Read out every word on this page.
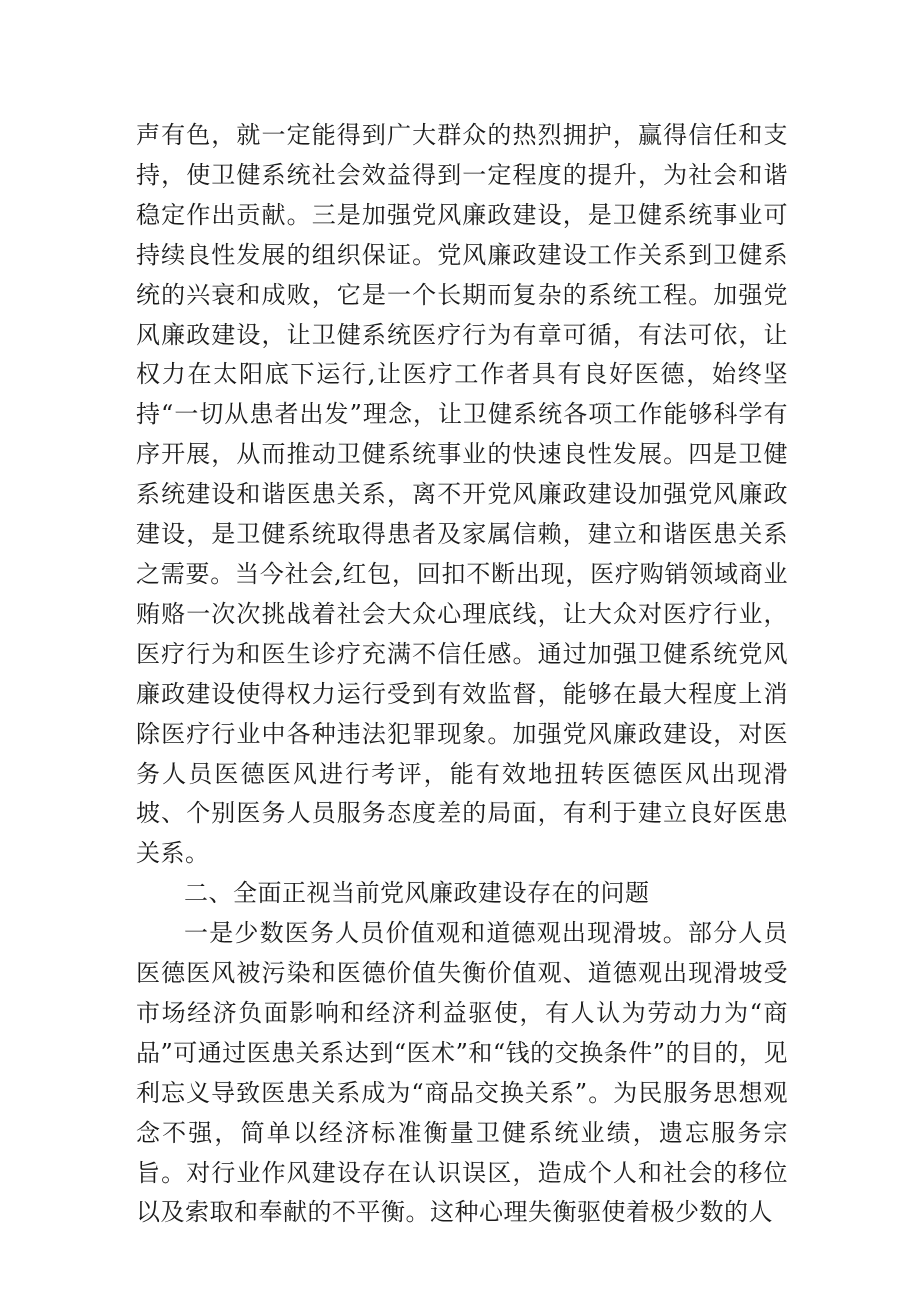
声有色，就一定能得到广大群众的热烈拥护，赢得信任和支持，使卫健系统社会效益得到一定程度的提升，为社会和谐稳定作出贡献。三是加强党风廉政建设，是卫健系统事业可持续良性发展的组织保证。党风廉政建设工作关系到卫健系统的兴衰和成败，它是一个长期而复杂的系统工程。加强党风廉政建设，让卫健系统医疗行为有章可循，有法可依，让权力在太阳底下运行,让医疗工作者具有良好医德，始终坚持“一切从患者出发”理念，让卫健系统各项工作能够科学有序开展，从而推动卫健系统事业的快速良性发展。四是卫健系统建设和谐医患关系，离不开党风廉政建设加强党风廉政建设，是卫健系统取得患者及家属信赖，建立和谐医患关系之需要。当今社会,红包，回扣不断出现，医疗购销领域商业贿赂一次次挑战着社会大众心理底线，让大众对医疗行业，医疗行为和医生诊疗充满不信任感。通过加强卫健系统党风廉政建设使得权力运行受到有效监督，能够在最大程度上消除医疗行业中各种违法犯罪现象。加强党风廉政建设，对医务人员医德医风进行考评，能有效地扭转医德医风出现滑坡、个别医务人员服务态度差的局面，有利于建立良好医患关系。

二、全面正视当前党风廉政建设存在的问题

一是少数医务人员价值观和道德观出现滑坡。部分人员医德医风被污染和医德价值失衡价值观、道德观出现滑坡受市场经济负面影响和经济利益驱使，有人认为劳动力为“商品”可通过医患关系达到“医术”和“钱的交换条件”的目的，见利忘义导致医患关系成为“商品交换关系”。为民服务思想观念不强，简单以经济标准衡量卫健系统业绩，遗忘服务宗旨。对行业作风建设存在认识误区，造成个人和社会的移位以及索取和奉献的不平衡。这种心理失衡驱使着极少数的人
